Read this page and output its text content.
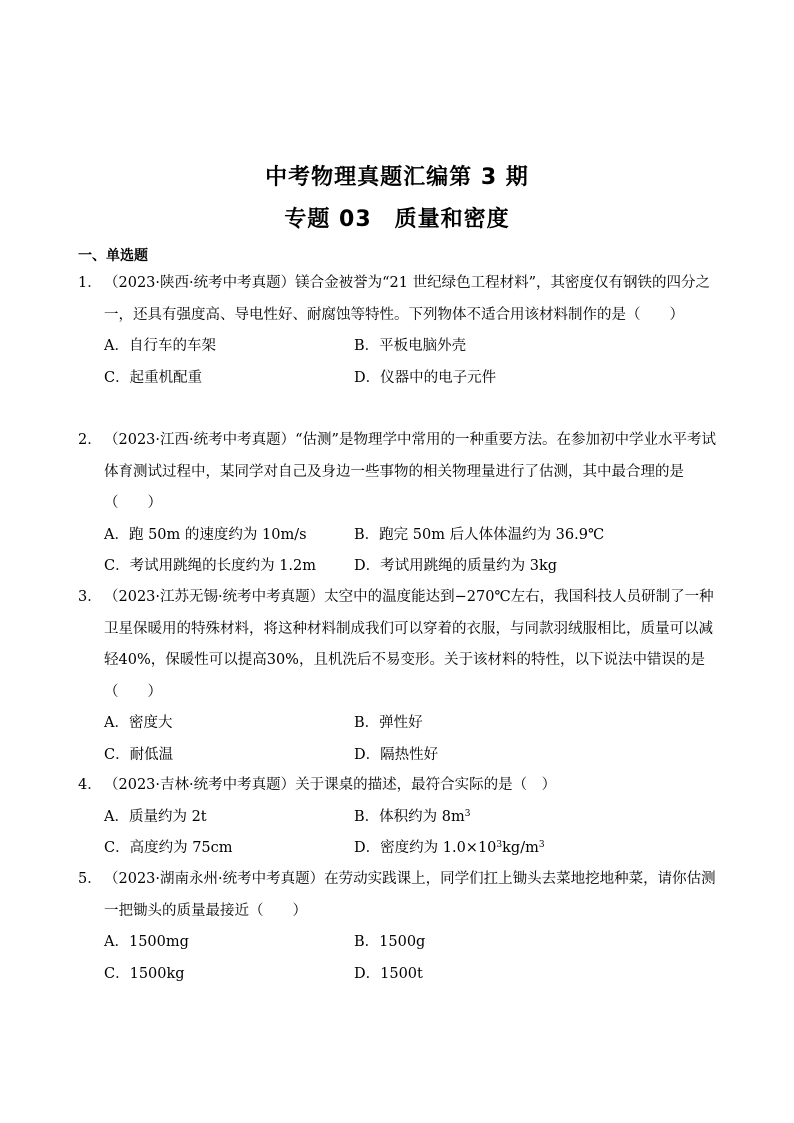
中考物理真题汇编第 3 期
专题 03　质量和密度
一、单选题
1． （2023·陕西·统考中考真题）镁合金被誉为“21 世纪绿色工程材料”，其密度仅有钢铁的四分之一，还具有强度高、导电性好、耐腐蚀等特性。下列物体不适合用该材料制作的是（　　）
A．自行车的车架	B．平板电脑外壳
C．起重机配重	D．仪器中的电子元件
2． （2023·江西·统考中考真题）“估测”是物理学中常用的一种重要方法。在参加初中学业水平考试体育测试过程中，某同学对自己及身边一些事物的相关物理量进行了估测，其中最合理的是（　　）
A．跑 50m 的速度约为 10m/s	B．跑完 50m 后人体体温约为 36.9℃
C．考试用跳绳的长度约为 1.2m	D．考试用跳绳的质量约为 3kg
3． （2023·江苏无锡·统考中考真题）太空中的温度能达到−270℃左右，我国科技人员研制了一种卫星保暖用的特殊材料，将这种材料制成我们可以穿着的衣服，与同款羽绒服相比，质量可以减轻40%，保暖性可以提高30%，且机洗后不易变形。关于该材料的特性，以下说法中错误的是（　　）
A．密度大	B．弹性好
C．耐低温	D．隔热性好
4． （2023·吉林·统考中考真题）关于课桌的描述，最符合实际的是（　）
A．质量约为 2t	B．体积约为 $8m^3$
C．高度约为 75cm	D．密度约为 $1.0\times 10^3kg/m^3$
5． （2023·湖南永州·统考中考真题）在劳动实践课上，同学们扛上锄头去菜地挖地种菜，请你估测一把锄头的质量最接近（　　）
A．1500mg	B．1500g
C．1500kg	D．1500t
